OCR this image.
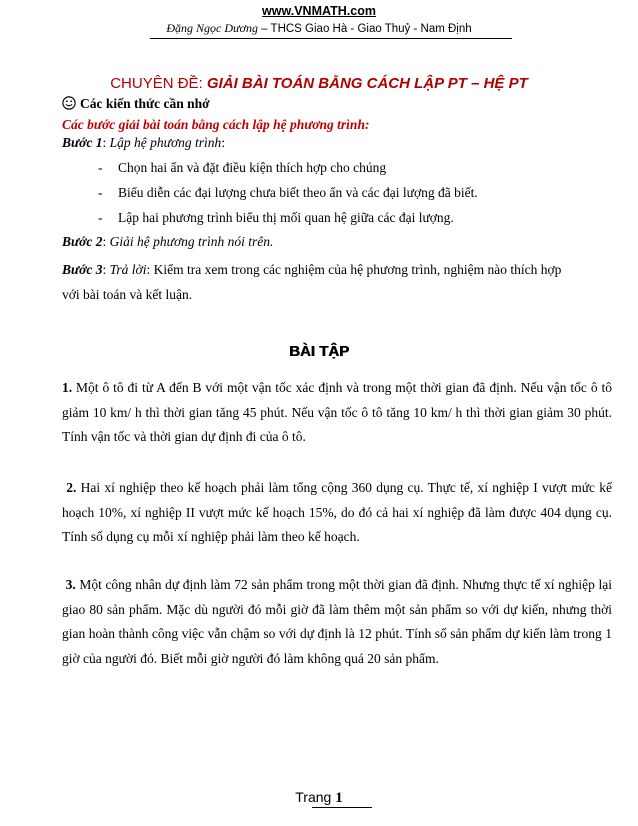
www.VNMATH.com
Đặng Ngọc Dương – THCS Giao Hà - Giao Thuỷ - Nam Định
CHUYÊN ĐỀ: GIẢI BÀI TOÁN BẰNG CÁCH LẬP PT – HỆ PT
Các kiến thức cần nhớ
Các bước giải bài toán bằng cách lập hệ phương trình:
Bước 1: Lập hệ phương trình:
- Chọn hai ẩn và đặt điều kiện thích hợp cho chúng
- Biểu diễn các đại lượng chưa biết theo ẩn và các đại lượng đã biết.
- Lập hai phương trình biểu thị mối quan hệ giữa các đại lượng.
Bước 2: Giải hệ phương trình nói trên.
Bước 3: Trả lời: Kiểm tra xem trong các nghiệm của hệ phương trình, nghiệm nào thích hợp
với bài toán và kết luận.
BÀI TẬP
1. Một ô tô đi từ A đến B với một vận tốc xác định và trong một thời gian đã định. Nếu vận tốc ô tô giảm 10 km/ h thì thời gian tăng 45 phút. Nếu vận tốc ô tô tăng 10 km/ h thì thời gian giảm 30 phút. Tính vận tốc và thời gian dự định đi của ô tô.
2. Hai xí nghiệp theo kế hoạch phải làm tổng cộng 360 dụng cụ. Thực tế, xí nghiệp I vượt mức kế hoạch 10%, xí nghiệp II vượt mức kế hoạch 15%, do đó cả hai xí nghiệp đã làm được 404 dụng cụ. Tính số dụng cụ mỗi xí nghiệp phải làm theo kế hoạch.
3. Một công nhân dự định làm 72 sản phẩm trong một thời gian đã định. Nhưng thực tế xí nghiệp lại giao 80 sản phẩm. Mặc dù người đó mỗi giờ đã làm thêm một sản phẩm so với dự kiến, nhưng thời gian hoàn thành công việc vẫn chậm so với dự định là 12 phút. Tính số sản phẩm dự kiến làm trong 1 giờ của người đó. Biết mỗi giờ người đó làm không quá 20 sản phẩm.
Trang 1
